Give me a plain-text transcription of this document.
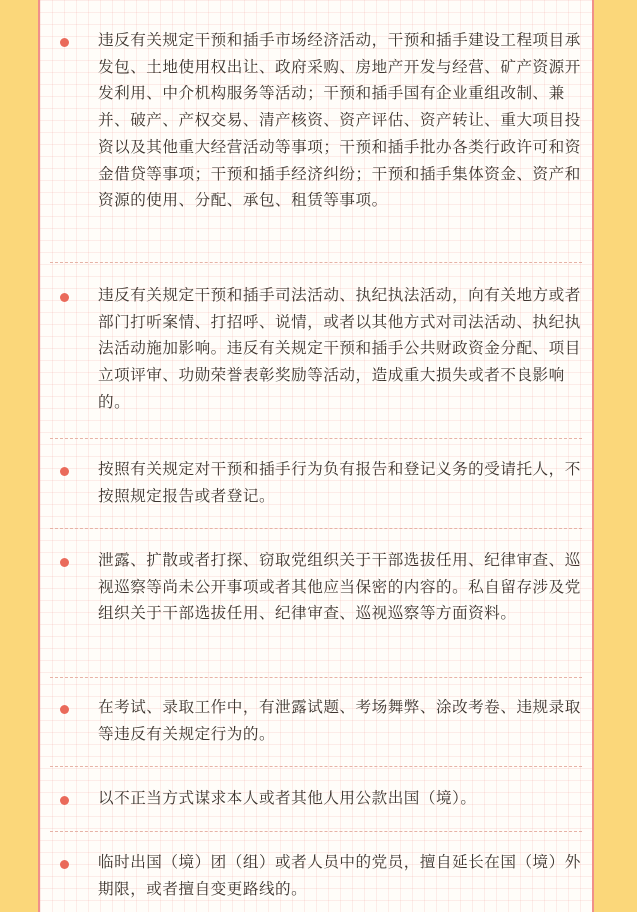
违反有关规定干预和插手市场经济活动，干预和插手建设工程项目承发包、土地使用权出让、政府采购、房地产开发与经营、矿产资源开发利用、中介机构服务等活动；干预和插手国有企业重组改制、兼并、破产、产权交易、清产核资、资产评估、资产转让、重大项目投资以及其他重大经营活动等事项；干预和插手批办各类行政许可和资金借贷等事项；干预和插手经济纠纷；干预和插手集体资金、资产和资源的使用、分配、承包、租赁等事项。
违反有关规定干预和插手司法活动、执纪执法活动，向有关地方或者部门打听案情、打招呼、说情，或者以其他方式对司法活动、执纪执法活动施加影响。违反有关规定干预和插手公共财政资金分配、项目立项评审、功勋荣誉表彰奖励等活动，造成重大损失或者不良影响的。
按照有关规定对干预和插手行为负有报告和登记义务的受请托人，不按照规定报告或者登记。
泄露、扩散或者打探、窃取党组织关于干部选拔任用、纪律审查、巡视巡察等尚未公开事项或者其他应当保密的内容的。私自留存涉及党组织关于干部选拔任用、纪律审查、巡视巡察等方面资料。
在考试、录取工作中，有泄露试题、考场舞弊、涂改考卷、违规录取等违反有关规定行为的。
以不正当方式谋求本人或者其他人用公款出国（境）。
临时出国（境）团（组）或者人员中的党员，擅自延长在国（境）外期限，或者擅自变更路线的。
